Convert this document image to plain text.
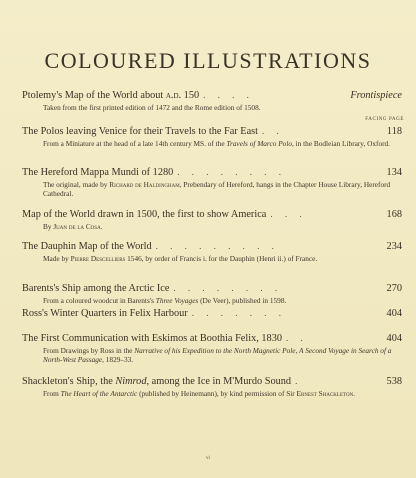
COLOURED ILLUSTRATIONS
FACING PAGE
Ptolemy's Map of the World about a.d. 150 . . . .	Frontispiece
Taken from the first printed edition of 1472 and the Rome edition of 1508.
The Polos leaving Venice for their Travels to the Far East . .	118
From a Miniature at the head of a late 14th century MS. of the Travels of Marco Polo, in the Bodleian Library, Oxford.
The Hereford Mappa Mundi of 1280 . . . . . . . .	134
The original, made by Richard de Haldingham, Prebendary of Hereford, hangs in the Chapter House Library, Hereford Cathedral.
Map of the World drawn in 1500, the first to show America . . .	168
By Juan de la Cosa.
The Dauphin Map of the World . . . . . . . . .	234
Made by Pierre Descelliers 1546, by order of Francis i. for the Dauphin (Henri ii.) of France.
Barents's Ship among the Arctic Ice . . . . . . . .	270
From a coloured woodcut in Barents's Three Voyages (De Veer), published in 1598.
Ross's Winter Quarters in Felix Harbour . . . . . . .	404
The First Communication with Eskimos at Boothia Felix, 1830 . .	404
From Drawings by Ross in the Narrative of his Expedition to the North Magnetic Pole, A Second Voyage in Search of a North-West Passage, 1829–33.
Shackleton's Ship, the Nimrod, among the Ice in M'Murdo Sound .	538
From The Heart of the Antarctic (published by Heinemann), by kind permission of Sir Ernest Shackleton.
vi
